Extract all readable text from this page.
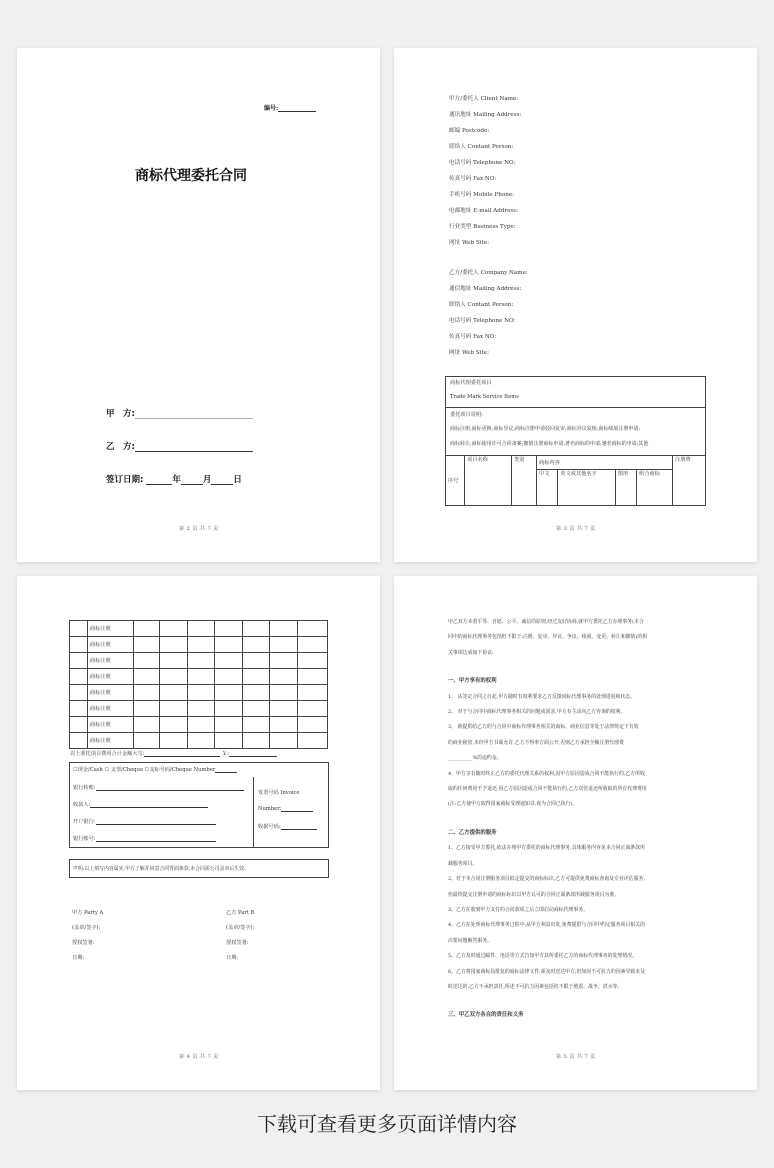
编号:
商标代理委托合同
甲　方:
乙　方:
签订日期:	年	月	日
第 2 页 共 7 页
甲方/委托人 Client Name:
通讯地址 Mailing Address:
邮编 Postcode:
联络人 Contant Person:
电话号码 Telephone NO:
传真号码 Fax NO:
手机号码 Mobile Phone:
电邮地址 E-mail Address:
行业类型 Business Type:
网址 Web Site:
乙方/委托人 Company Name:
通信地址 Mailing Address:
联络人 Contant Person:
电话号码 Telephone NO:
传真号码 Fax NO:
网址 Web Site:
商标代理委托项目
Trade Mark Service Items
委托项目说明:
商标注册;商标更换;商标异议;商标注册申请驳回复审;商标异议复核;商标续展注册申请;
商标转让;商标使用许可合同备案;撤销注册商标申请;著名商标的申请;驰名商标的申请;其他
序号	项目名称	类别	商标内容				注册费
			中文	英文或其他名字	图形	组合商标	
第 3 页 共 7 页
	商标注册							
	商标注册							
	商标注册							
	商标注册							
	商标注册							
	商标注册							
	商标注册							
	商标注册							
以上委托项目费用合计金额大写:	￥:
☐现金/Cash ☐ 支票/Cheque ☐支标号码/Cheque Number
银行转账:
收款人:
开户银行:
银行帐号:
发票号码 Invoice
Number:
收据号码:
声明:以上填写内容属实,甲方了解并同意合同背面条款,本合同需公司盖章后生效.
甲方 Party A
(盖章/签字):
授权签署:
日期:
乙方 Part B
(盖章/签字):
授权签署:
日期:
第 4 页 共 7 页
甲乙双方本着平等、自愿、公平、诚信的原则,经过友好协商,就甲方委托乙方办理事务(本合
同中的商标代理事务包括但不限于:注册、复审、异议、争议、续展、变更、转让和撤销)的相
关事项达成如下协议:
一、甲方享有的权利
1、 从签定合同之日起,甲方随时有权利要求乙方反馈商标代理事务的处理进展和状态。
2、 对于与合同中商标代理事务相关的问题或需求,甲方有主动向乙方咨询的权利。
3、 就提供给乙方的与合同中商标代理事务相关的商标、商业信息等处于法律规定下有效
的商业秘密,未经甲方书面允许,乙方不得率方面公开,否则乙方承担全额注册代理费
__________%的违约金。
4、甲方享有随时终止乙方的委托代理关系的权利,因甲方原因造成合同不能执行的,乙方所收
取的任何费用不予退还,因乙方原因造成合同不能执行的,乙方双倍退还所收取的所有代理费用
(注:乙方使甲方取得国家商标受理通知书,视为合同已执行)。
二、乙方提供的服务
1、乙方接受甲方委托,依法办理甲方委托的商标代理事务,具体服务内容见本合同正面条款所
载服务项目。
2、对于本合同注册服务项目拟定提交的商标标识,乙方可提供免费商标查询及专业评估服务,
但最终提交注册申请的商标标识以甲方认可的合同正面条款所载服务项目为准。
3、乙方在收到甲方支付的合同款项之后立即启动商标代理事务。
4、乙方在处理商标代理事务过程中,从甲方利益出发,免费提供与合同中约定服务项目相关的
次要问题解答服务。
5、乙方及时通过邮件、电话等方式告知甲方其所委托乙方的商标代理事务的处理情况。
6、乙方将国家商标局批复的商标法律文件,须及时送达甲方;但如因不可抗力的因素导致未及
时送达的,乙方不承担责任,所述不可抗力因素包括但不限于地震、战争、洪水等。
三、甲乙双方各自的责任和义务
第 5 页 共 7 页
下载可查看更多页面详情内容
